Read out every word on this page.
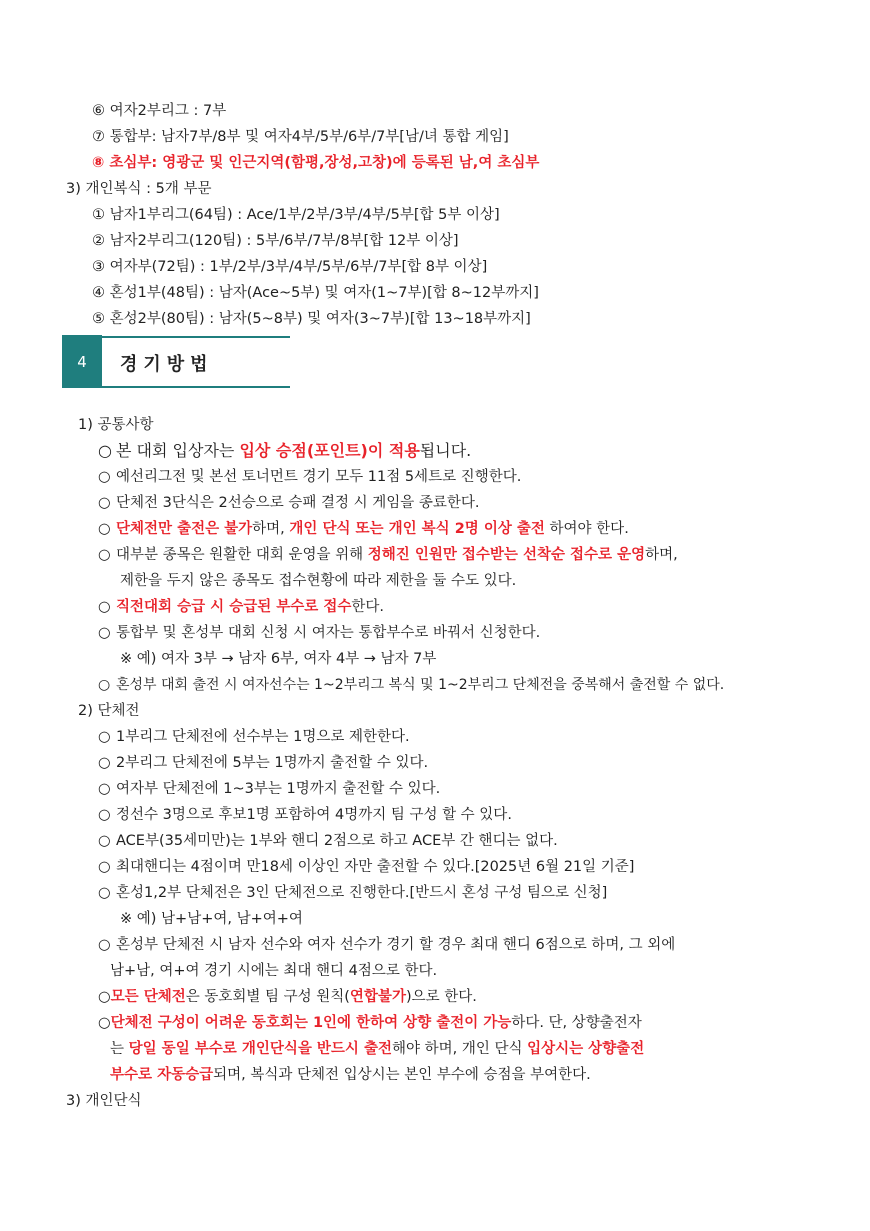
⑥ 여자2부리그 : 7부
⑦ 통합부: 남자7부/8부 및 여자4부/5부/6부/7부[남/녀 통합 게임]
⑧ 초심부: 영광군 및 인근지역(함평,장성,고창)에 등록된 남,여 초심부
3) 개인복식 : 5개 부문
① 남자1부리그(64팀) : Ace/1부/2부/3부/4부/5부[합 5부 이상]
② 남자2부리그(120팀) : 5부/6부/7부/8부[합 12부 이상]
③ 여자부(72팀) : 1부/2부/3부/4부/5부/6부/7부[합 8부 이상]
④ 혼성1부(48팀) : 남자(Ace~5부) 및 여자(1~7부)[합 8~12부까지]
⑤ 혼성2부(80팀) : 남자(5~8부) 및 여자(3~7부)[합 13~18부까지]
4	경기방법
1) 공통사항
○ 본 대회 입상자는 입상 승점(포인트)이 적용됩니다.
○ 예선리그전 및 본선 토너먼트 경기 모두 11점 5세트로 진행한다.
○ 단체전 3단식은 2선승으로 승패 결정 시 게임을 종료한다.
○ 단체전만 출전은 불가하며, 개인 단식 또는 개인 복식 2명 이상 출전 하여야 한다.
○ 대부분 종목은 원활한 대회 운영을 위해 정해진 인원만 접수받는 선착순 접수로 운영하며,
제한을 두지 않은 종목도 접수현황에 따라 제한을 둘 수도 있다.
○ 직전대회 승급 시 승급된 부수로 접수한다.
○ 통합부 및 혼성부 대회 신청 시 여자는 통합부수로 바꿔서 신청한다.
※ 예) 여자 3부 → 남자 6부, 여자 4부 → 남자 7부
○ 혼성부 대회 출전 시 여자선수는 1~2부리그 복식 및 1~2부리그 단체전을 중복해서 출전할 수 없다.
2) 단체전
○ 1부리그 단체전에 선수부는 1명으로 제한한다.
○ 2부리그 단체전에 5부는 1명까지 출전할 수 있다.
○ 여자부 단체전에 1~3부는 1명까지 출전할 수 있다.
○ 정선수 3명으로 후보1명 포함하여 4명까지 팀 구성 할 수 있다.
○ ACE부(35세미만)는 1부와 핸디 2점으로 하고 ACE부 간 핸디는 없다.
○ 최대핸디는 4점이며 만18세 이상인 자만 출전할 수 있다.[2025년 6월 21일 기준]
○ 혼성1,2부 단체전은 3인 단체전으로 진행한다.[반드시 혼성 구성 팀으로 신청]
※ 예) 남+남+여, 남+여+여
○ 혼성부 단체전 시 남자 선수와 여자 선수가 경기 할 경우 최대 핸디 6점으로 하며, 그 외에
남+남, 여+여 경기 시에는 최대 핸디 4점으로 한다.
○모든 단체전은 동호회별 팀 구성 원칙(연합불가)으로 한다.
○단체전 구성이 어려운 동호회는 1인에 한하여 상향 출전이 가능하다. 단, 상향출전자
는 당일 동일 부수로 개인단식을 반드시 출전해야 하며, 개인 단식 입상시는 상향출전
부수로 자동승급되며, 복식과 단체전 입상시는 본인 부수에 승점을 부여한다.
3) 개인단식
